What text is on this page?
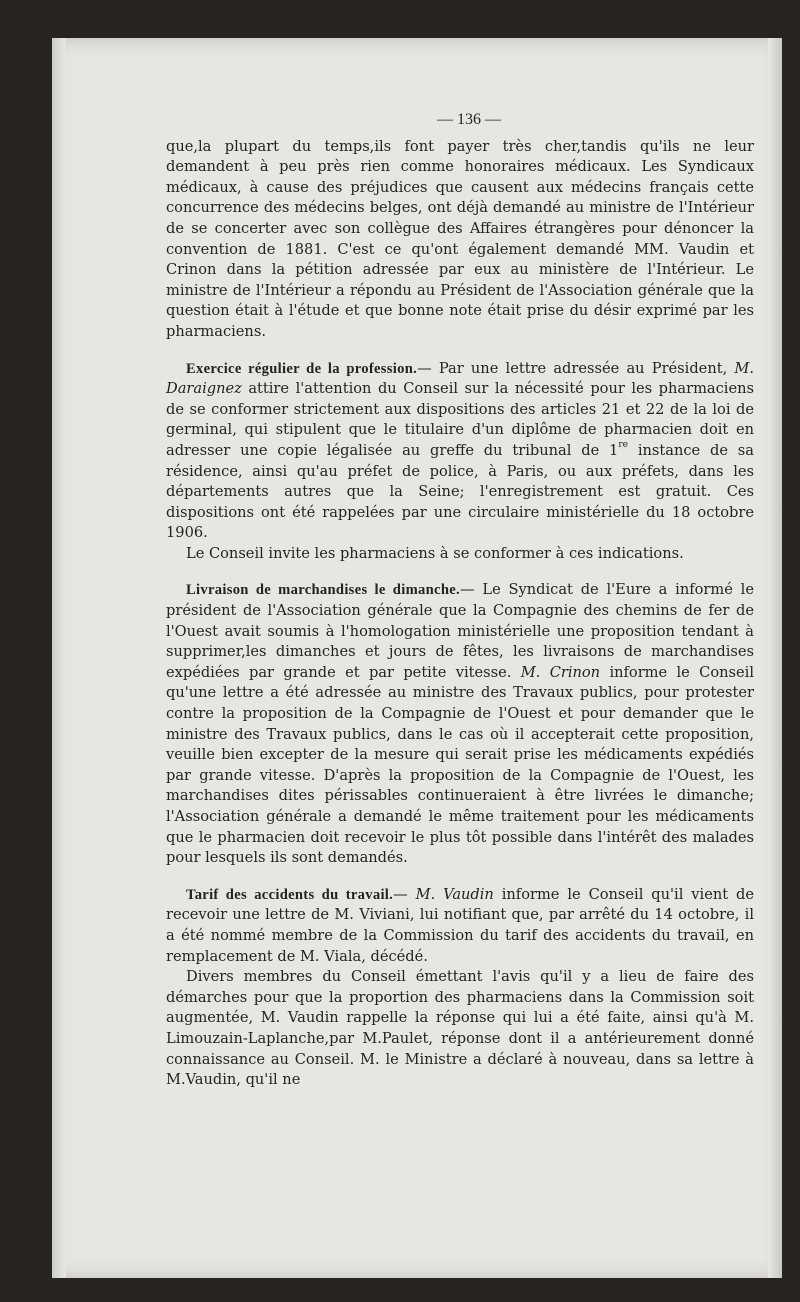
— 136 —

que,la plupart du temps,ils font payer très cher,tandis qu'ils ne leur demandent à peu près rien comme honoraires médicaux. Les Syndicaux médicaux, à cause des préjudices que causent aux médecins français cette concurrence des médecins belges, ont déjà demandé au ministre de l'Intérieur de se concerter avec son collègue des Affaires étrangères pour dénoncer la convention de 1881. C'est ce qu'ont également demandé MM. Vaudin et Crinon dans la pétition adressée par eux au ministère de l'Intérieur. Le ministre de l'Intérieur a répondu au Président de l'Association générale que la question était à l'étude et que bonne note était prise du désir exprimé par les pharmaciens.

Exercice régulier de la profession.— Par une lettre adressée au Président, M. Daraignez attire l'attention du Conseil sur la nécessité pour les pharmaciens de se conformer strictement aux dispositions des articles 21 et 22 de la loi de germinal, qui stipulent que le titulaire d'un diplôme de pharmacien doit en adresser une copie légalisée au greffe du tribunal de 1re instance de sa résidence, ainsi qu'au préfet de police, à Paris, ou aux préfets, dans les départements autres que la Seine; l'enregistrement est gratuit. Ces dispositions ont été rappelées par une circulaire ministérielle du 18 octobre 1906.

Le Conseil invite les pharmaciens à se conformer à ces indications.

Livraison de marchandises le dimanche.— Le Syndicat de l'Eure a informé le président de l'Association générale que la Compagnie des chemins de fer de l'Ouest avait soumis à l'homologation ministérielle une proposition tendant à supprimer,les dimanches et jours de fêtes, les livraisons de marchandises expédiées par grande et par petite vitesse. M. Crinon informe le Conseil qu'une lettre a été adressée au ministre des Travaux publics, pour protester contre la proposition de la Compagnie de l'Ouest et pour demander que le ministre des Travaux publics, dans le cas où il accepterait cette proposition, veuille bien excepter de la mesure qui serait prise les médicaments expédiés par grande vitesse. D'après la proposition de la Compagnie de l'Ouest, les marchandises dites périssables continueraient à être livrées le dimanche; l'Association générale a demandé le même traitement pour les médicaments que le pharmacien doit recevoir le plus tôt possible dans l'intérêt des malades pour lesquels ils sont demandés.

Tarif des accidents du travail.— M. Vaudin informe le Conseil qu'il vient de recevoir une lettre de M. Viviani, lui notifiant que, par arrêté du 14 octobre, il a été nommé membre de la Commission du tarif des accidents du travail, en remplacement de M. Viala, décédé.

Divers membres du Conseil émettant l'avis qu'il y a lieu de faire des démarches pour que la proportion des pharmaciens dans la Commission soit augmentée, M. Vaudin rappelle la réponse qui lui a été faite, ainsi qu'à M. Limouzain-Laplanche,par M.Paulet, réponse dont il a antérieurement donné connaissance au Conseil. M. le Ministre a déclaré à nouveau, dans sa lettre à M.Vaudin, qu'il ne
